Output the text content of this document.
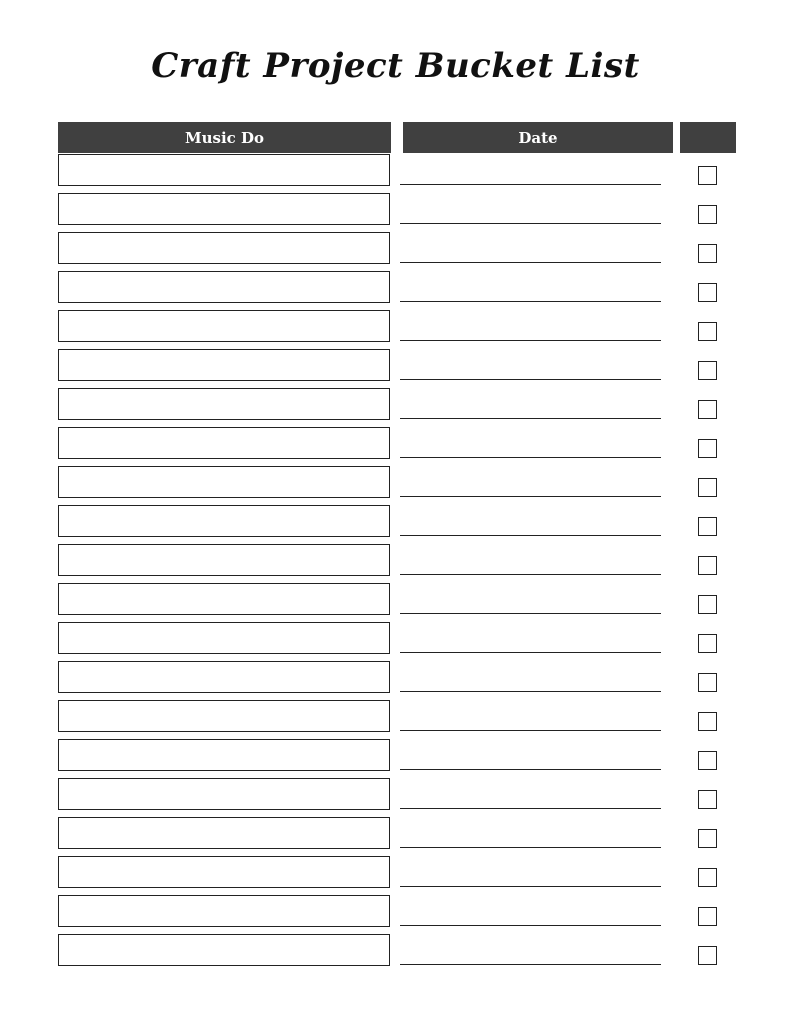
Craft Project Bucket List
Music Do	Date
